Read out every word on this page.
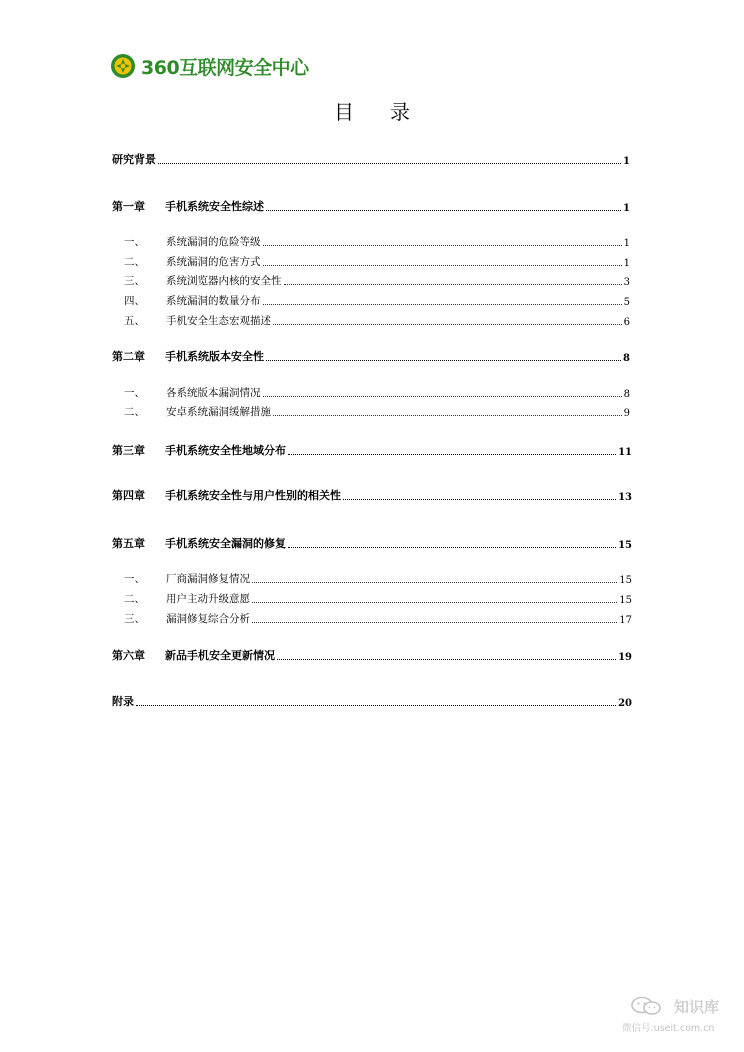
360互联网安全中心
目 录
研究背景	1
第一章	手机系统安全性综述	1
一、	系统漏洞的危险等级	1
二、	系统漏洞的危害方式	1
三、	系统浏览器内核的安全性	3
四、	系统漏洞的数量分布	5
五、	手机安全生态宏观描述	6
第二章	手机系统版本安全性	8
一、	各系统版本漏洞情况	8
二、	安卓系统漏洞缓解措施	9
第三章	手机系统安全性地域分布	11
第四章	手机系统安全性与用户性别的相关性	13
第五章	手机系统安全漏洞的修复	15
一、	厂商漏洞修复情况	15
二、	用户主动升级意愿	15
三、	漏洞修复综合分析	17
第六章	新品手机安全更新情况	19
附录	20
知识库
微信号:useit.com.cn
